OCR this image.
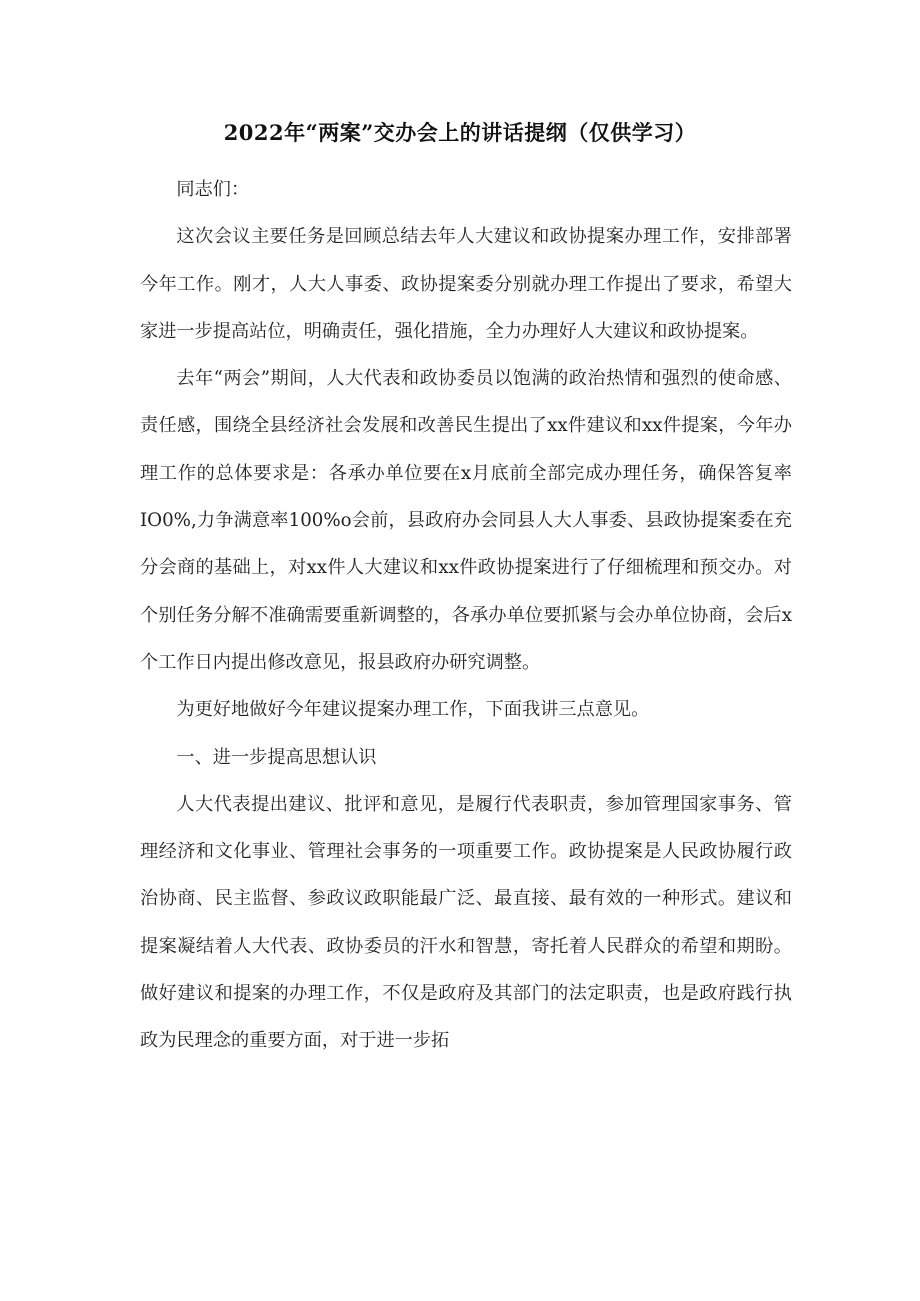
2022年“两案”交办会上的讲话提纲（仅供学习）

同志们：

这次会议主要任务是回顾总结去年人大建议和政协提案办理工作，安排部署今年工作。刚才，人大人事委、政协提案委分别就办理工作提出了要求，希望大家进一步提高站位，明确责任，强化措施，全力办理好人大建议和政协提案。

去年“两会”期间，人大代表和政协委员以饱满的政治热情和强烈的使命感、责任感，围绕全县经济社会发展和改善民生提出了xx件建议和xx件提案，今年办理工作的总体要求是：各承办单位要在x月底前全部完成办理任务，确保答复率IO0%,力争满意率100%o会前，县政府办会同县人大人事委、县政协提案委在充分会商的基础上，对xx件人大建议和xx件政协提案进行了仔细梳理和预交办。对个别任务分解不准确需要重新调整的，各承办单位要抓紧与会办单位协商，会后x个工作日内提出修改意见，报县政府办研究调整。

为更好地做好今年建议提案办理工作，下面我讲三点意见。

一、进一步提高思想认识

人大代表提出建议、批评和意见，是履行代表职责，参加管理国家事务、管理经济和文化事业、管理社会事务的一项重要工作。政协提案是人民政协履行政治协商、民主监督、参政议政职能最广泛、最直接、最有效的一种形式。建议和提案凝结着人大代表、政协委员的汗水和智慧，寄托着人民群众的希望和期盼。做好建议和提案的办理工作，不仅是政府及其部门的法定职责，也是政府践行执政为民理念的重要方面，对于进一步拓
